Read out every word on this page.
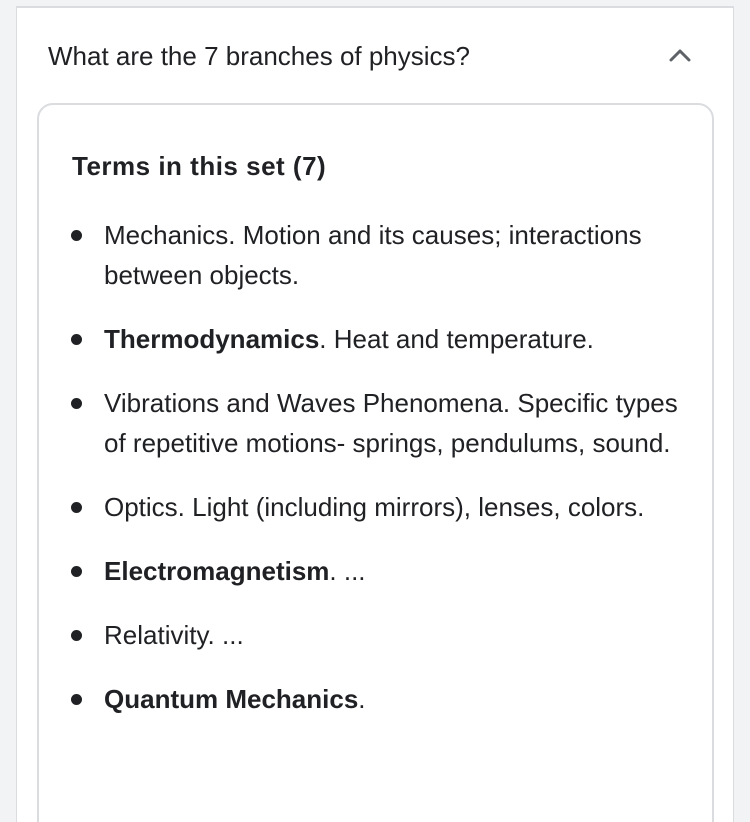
What are the 7 branches of physics?
Terms in this set (7)
Mechanics. Motion and its causes; interactions between objects.
Thermodynamics. Heat and temperature.
Vibrations and Waves Phenomena. Specific types of repetitive motions- springs, pendulums, sound.
Optics. Light (including mirrors), lenses, colors.
Electromagnetism. ...
Relativity. ...
Quantum Mechanics.
